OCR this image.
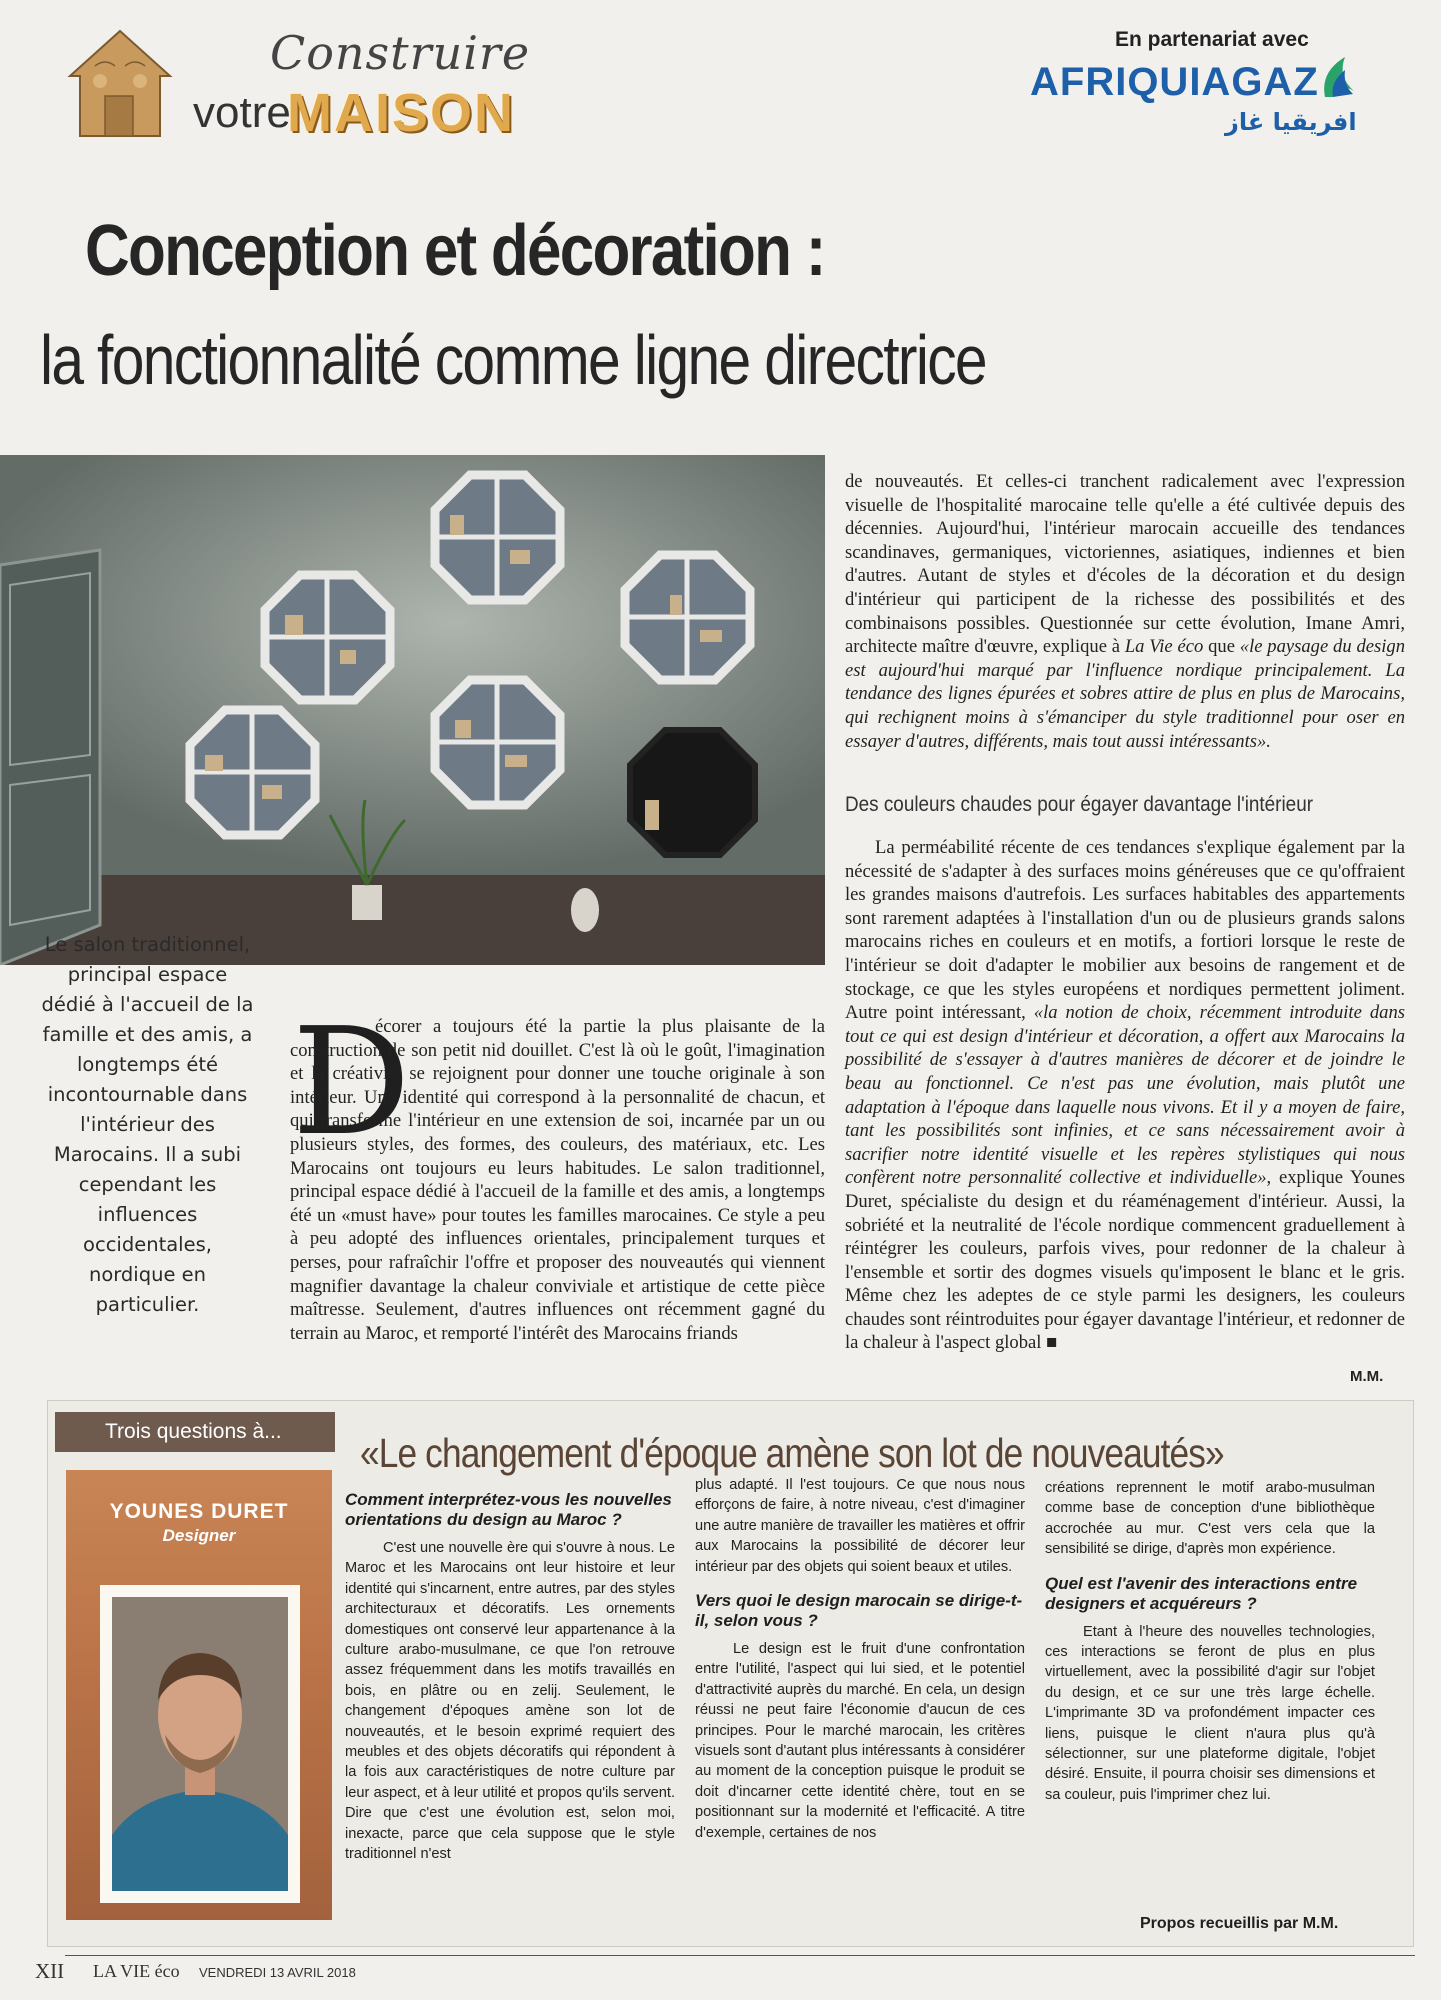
Construire
votre
MAISON
En partenariat avec
AFRIQUIAGAZ
افريقيا غاز
Conception et décoration :
la fonctionnalité comme ligne directrice
Le salon traditionnel, principal espace dédié à l'accueil de la famille et des amis, a longtemps été incontournable dans l'intérieur des Marocains. Il a subi cependant les influences occidentales, nordique en particulier.
D

écorer a toujours été la partie la plus plaisante de la construction de son petit nid douillet. C'est là où le goût, l'imagination et la créativité se rejoignent pour donner une touche originale à son intérieur. Une identité qui correspond à la personnalité de chacun, et qui transforme l'intérieur en une extension de soi, incarnée par un ou plusieurs styles, des formes, des couleurs, des matériaux, etc. Les Marocains ont toujours eu leurs habitudes. Le salon traditionnel, principal espace dédié à l'accueil de la famille et des amis, a longtemps été un «must have» pour toutes les familles marocaines. Ce style a peu à peu adopté des influences orientales, principalement turques et perses, pour rafraîchir l'offre et proposer des nouveautés qui viennent magnifier davantage la chaleur conviviale et artistique de cette pièce maîtresse. Seulement, d'autres influences ont récemment gagné du terrain au Maroc, et remporté l'intérêt des Marocains friands

de nouveautés. Et celles-ci tranchent radicalement avec l'expression visuelle de l'hospitalité marocaine telle qu'elle a été cultivée depuis des décennies. Aujourd'hui, l'intérieur marocain accueille des tendances scandinaves, germaniques, victoriennes, asiatiques, indiennes et bien d'autres. Autant de styles et d'écoles de la décoration et du design d'intérieur qui participent de la richesse des possibilités et des combinaisons possibles. Questionnée sur cette évolution, Imane Amri, architecte maître d'œuvre, explique à La Vie éco que «le paysage du design est aujourd'hui marqué par l'influence nordique principalement. La tendance des lignes épurées et sobres attire de plus en plus de Marocains, qui rechignent moins à s'émanciper du style traditionnel pour oser en essayer d'autres, différents, mais tout aussi intéressants».

Des couleurs chaudes pour égayer davantage l'intérieur

La perméabilité récente de ces tendances s'explique également par la nécessité de s'adapter à des surfaces moins généreuses que ce qu'offraient les grandes maisons d'autrefois. Les surfaces habitables des appartements sont rarement adaptées à l'installation d'un ou de plusieurs grands salons marocains riches en couleurs et en motifs, a fortiori lorsque le reste de l'intérieur se doit d'adapter le mobilier aux besoins de rangement et de stockage, ce que les styles européens et nordiques permettent joliment. Autre point intéressant, «la notion de choix, récemment introduite dans tout ce qui est design d'intérieur et décoration, a offert aux Marocains la possibilité de s'essayer à d'autres manières de décorer et de joindre le beau au fonctionnel. Ce n'est pas une évolution, mais plutôt une adaptation à l'époque dans laquelle nous vivons. Et il y a moyen de faire, tant les possibilités sont infinies, et ce sans nécessairement avoir à sacrifier notre identité visuelle et les repères stylistiques qui nous confèrent notre personnalité collective et individuelle», explique Younes Duret, spécialiste du design et du réaménagement d'intérieur. Aussi, la sobriété et la neutralité de l'école nordique commencent graduellement à réintégrer les couleurs, parfois vives, pour redonner de la chaleur à l'ensemble et sortir des dogmes visuels qu'imposent le blanc et le gris. Même chez les adeptes de ce style parmi les designers, les couleurs chaudes sont réintroduites pour égayer davantage l'intérieur, et redonner de la chaleur à l'aspect global ■

M.M.
Trois questions à...	«Le changement d'époque amène son lot de nouveautés»
YOUNES DURET
Designer

Comment interprétez-vous les nouvelles orientations du design au Maroc ?

C'est une nouvelle ère qui s'ouvre à nous. Le Maroc et les Marocains ont leur histoire et leur identité qui s'incarnent, entre autres, par des styles architecturaux et décoratifs. Les ornements domestiques ont conservé leur appartenance à la culture arabo-musulmane, ce que l'on retrouve assez fréquemment dans les motifs travaillés en bois, en plâtre ou en zelij. Seulement, le changement d'époques amène son lot de nouveautés, et le besoin exprimé requiert des meubles et des objets décoratifs qui répondent à la fois aux caractéristiques de notre culture par leur aspect, et à leur utilité et propos qu'ils servent. Dire que c'est une évolution est, selon moi, inexacte, parce que cela suppose que le style traditionnel n'est

plus adapté. Il l'est toujours. Ce que nous nous efforçons de faire, à notre niveau, c'est d'imaginer une autre manière de travailler les matières et offrir aux Marocains la possibilité de décorer leur intérieur par des objets qui soient beaux et utiles.

Vers quoi le design marocain se dirige-t-il, selon vous ?

Le design est le fruit d'une confrontation entre l'utilité, l'aspect qui lui sied, et le potentiel d'attractivité auprès du marché. En cela, un design réussi ne peut faire l'économie d'aucun de ces principes. Pour le marché marocain, les critères visuels sont d'autant plus intéressants à considérer au moment de la conception puisque le produit se doit d'incarner cette identité chère, tout en se positionnant sur la modernité et l'efficacité. A titre d'exemple, certaines de nos

créations reprennent le motif arabo-musulman comme base de conception d'une bibliothèque accrochée au mur. C'est vers cela que la sensibilité se dirige, d'après mon expérience.

Quel est l'avenir des interactions entre designers et acquéreurs ?

Etant à l'heure des nouvelles technologies, ces interactions se feront de plus en plus virtuellement, avec la possibilité d'agir sur l'objet du design, et ce sur une très large échelle. L'imprimante 3D va profondément impacter ces liens, puisque le client n'aura plus qu'à sélectionner, sur une plateforme digitale, l'objet désiré. Ensuite, il pourra choisir ses dimensions et sa couleur, puis l'imprimer chez lui.

Propos recueillis par M.M.
XII LA VIE éco VENDREDI 13 AVRIL 2018
